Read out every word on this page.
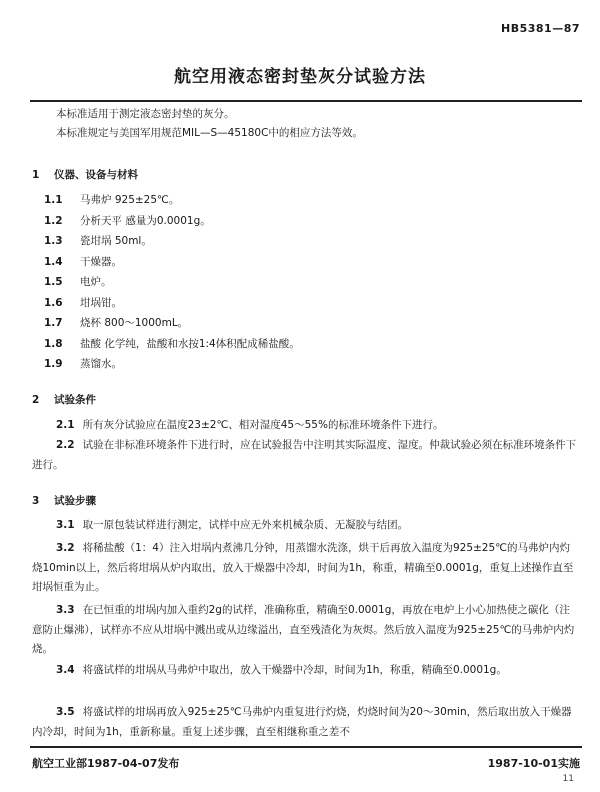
HB5381—87
航空用液态密封垫灰分试验方法

本标准适用于测定液态密封垫的灰分。

本标准规定与美国军用规范MIL—S—45180C中的相应方法等效。

1 仪器、设备与材料
1.1 马弗炉 925±25℃。
1.2 分析天平 感量为0.0001g。
1.3 瓷坩埚 50ml。
1.4 干燥器。
1.5 电炉。
1.6 坩埚钳。
1.7 烧杯 800～1000mL。
1.8 盐酸 化学纯，盐酸和水按1:4体积配成稀盐酸。
1.9 蒸馏水。
2 试验条件

2.1 所有灰分试验应在温度23±2℃、相对湿度45～55%的标准环境条件下进行。

2.2 试验在非标准环境条件下进行时，应在试验报告中注明其实际温度、湿度。仲裁试验必须在标准环境条件下进行。

3 试验步骤

3.1 取一原包装试样进行测定，试样中应无外来机械杂质、无凝胶与结团。

3.2 将稀盐酸（1：4）注入坩埚内煮沸几分钟，用蒸馏水洗涤，烘干后再放入温度为925±25℃的马弗炉内灼烧10min以上，然后将坩埚从炉内取出，放入干燥器中冷却，时间为1h，称重，精确至0.0001g，重复上述操作直至坩埚恒重为止。

3.3 在已恒重的坩埚内加入重约2g的试样，准确称重，精确至0.0001g，再放在电炉上小心加热使之碳化（注意防止爆沸），试样亦不应从坩埚中溅出或从边缘溢出，直至残渣化为灰烬。然后放入温度为925±25℃的马弗炉内灼烧。

3.4 将盛试样的坩埚从马弗炉中取出，放入干燥器中冷却，时间为1h，称重，精确至0.0001g。

3.5 将盛试样的坩埚再放入925±25℃马弗炉内重复进行灼烧，灼烧时间为20～30min，然后取出放入干燥器内冷却，时间为1h，重新称量。重复上述步骤，直至相继称重之差不

航空工业部1987-04-07发布	1987-10-01实施
11
